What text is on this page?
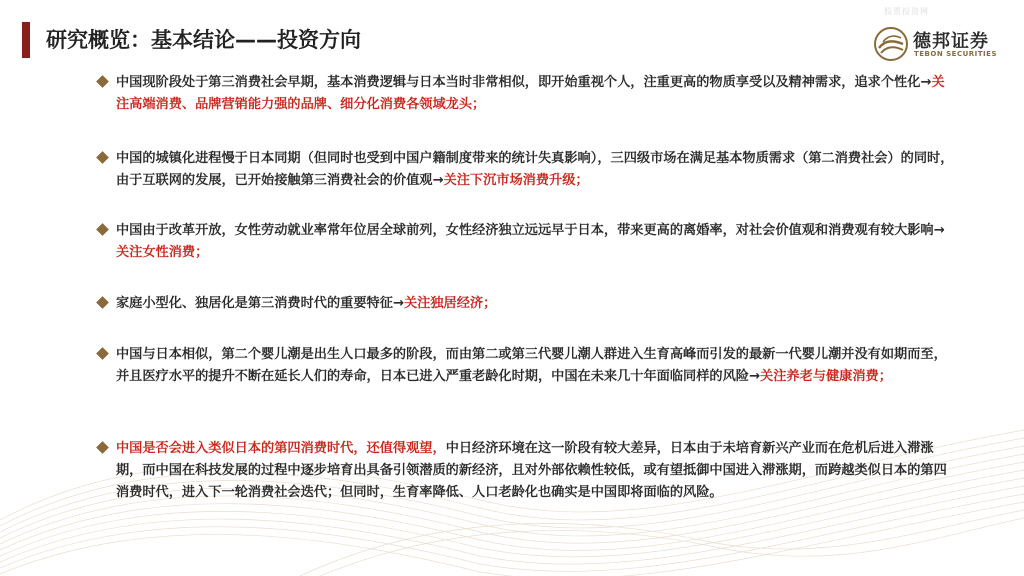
股票投资网
研究概览：基本结论——投资方向	德邦证券
TEBON SECURITIES
中国现阶段处于第三消费社会早期，基本消费逻辑与日本当时非常相似，即开始重视个人，注重更高的物质享受以及精神需求，追求个性化→关注高端消费、品牌营销能力强的品牌、细分化消费各领域龙头；
中国的城镇化进程慢于日本同期（但同时也受到中国户籍制度带来的统计失真影响），三四级市场在满足基本物质需求（第二消费社会）的同时，由于互联网的发展，已开始接触第三消费社会的价值观→关注下沉市场消费升级；
中国由于改革开放，女性劳动就业率常年位居全球前列，女性经济独立远远早于日本，带来更高的离婚率，对社会价值观和消费观有较大影响→关注女性消费；
家庭小型化、独居化是第三消费时代的重要特征→关注独居经济；
中国与日本相似，第二个婴儿潮是出生人口最多的阶段，而由第二或第三代婴儿潮人群进入生育高峰而引发的最新一代婴儿潮并没有如期而至，并且医疗水平的提升不断在延长人们的寿命，日本已进入严重老龄化时期，中国在未来几十年面临同样的风险→关注养老与健康消费；
中国是否会进入类似日本的第四消费时代，还值得观望，中日经济环境在这一阶段有较大差异，日本由于未培育新兴产业而在危机后进入滞涨期，而中国在科技发展的过程中逐步培育出具备引领潜质的新经济，且对外部依赖性较低，或有望抵御中国进入滞涨期，而跨越类似日本的第四消费时代，进入下一轮消费社会迭代；但同时，生育率降低、人口老龄化也确实是中国即将面临的风险。
